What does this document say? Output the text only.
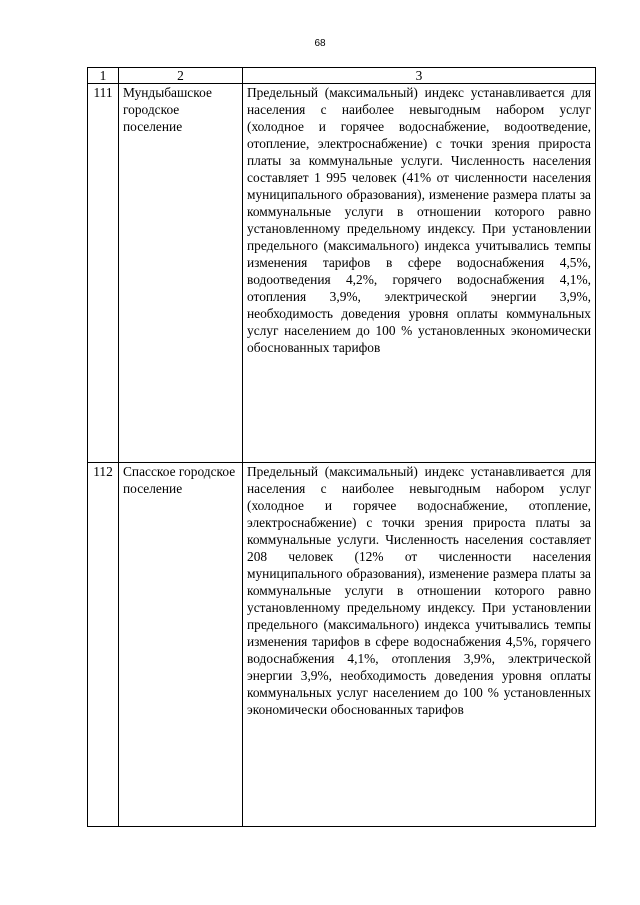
68
1	2	3
111	Мундыбашское городское поселение	Предельный (максимальный) индекс устанавливается для населения с наиболее невыгодным набором услуг (холодное и горячее водоснабжение, водоотведение, отопление, электроснабжение) с точки зрения прироста платы за коммунальные услуги. Численность населения составляет 1 995 человек (41% от численности населения муниципального образования), изменение размера платы за коммунальные услуги в отношении которого равно установленному предельному индексу. При установлении предельного (максимального) индекса учитывались темпы изменения тарифов в сфере водоснабжения 4,5%, водоотведения 4,2%, горячего водоснабжения 4,1%, отопления 3,9%, электрической энергии 3,9%, необходимость доведения уровня оплаты коммунальных услуг населением до 100 % установленных экономически обоснованных тарифов
112	Спасское городское поселение	Предельный (максимальный) индекс устанавливается для населения с наиболее невыгодным набором услуг (холодное и горячее водоснабжение, отопление, электроснабжение) с точки зрения прироста платы за коммунальные услуги. Численность населения составляет 208 человек (12% от численности населения муниципального образования), изменение размера платы за коммунальные услуги в отношении которого равно установленному предельному индексу. При установлении предельного (максимального) индекса учитывались темпы изменения тарифов в сфере водоснабжения 4,5%, горячего водоснабжения 4,1%, отопления 3,9%, электрической энергии 3,9%, необходимость доведения уровня оплаты коммунальных услуг населением до 100 % установленных экономически обоснованных тарифов
